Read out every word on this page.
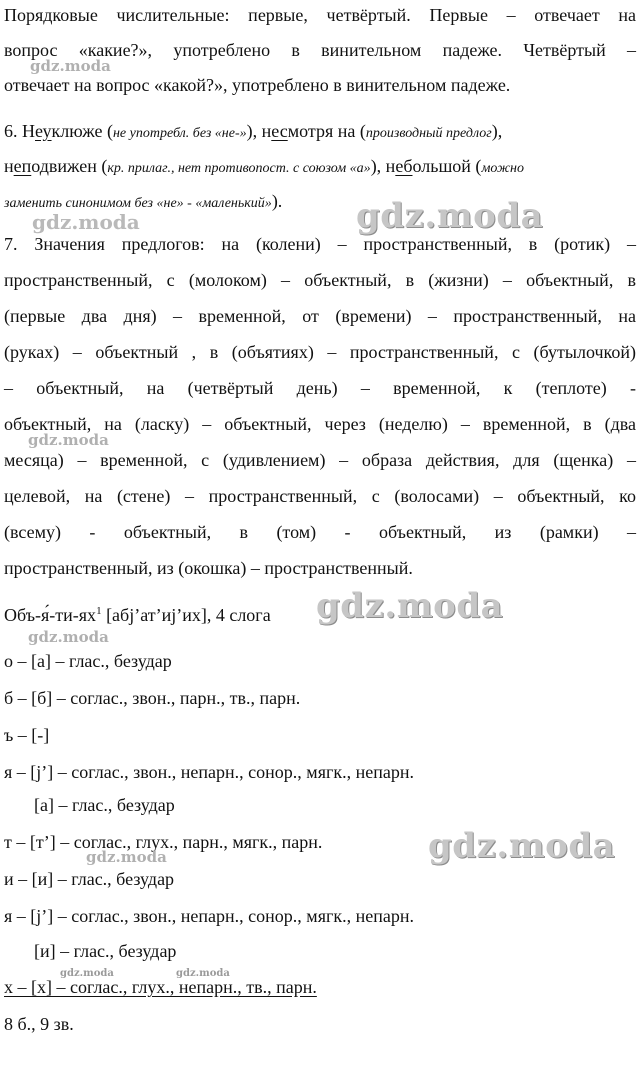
Порядковые числительные: первые, четвёртый. Первые – отвечает на
вопрос «какие?», употреблено в винительном падеже. Четвёртый –
отвечает на вопрос «какой?», употреблено в винительном падеже.
6. Неуклюже (не употребл. без «не-»), несмотря на (производный предлог),
неподвижен (кр. прилаг., нет противопост. с союзом «а»), небольшой (можно
заменить синонимом без «не» - «маленький»).
7. Значения предлогов: на (колени) – пространственный, в (ротик) –
пространственный, с (молоком) – объектный, в (жизни) – объектный, в
(первые два дня) – временной, от (времени) – пространственный, на
(руках) – объектный , в (объятиях) – пространственный, с (бутылочкой)
– объектный, на (четвёртый день) – временной, к (теплоте) -
объектный, на (ласку) – объектный, через (неделю) – временной, в (два
месяца) – временной, с (удивлением) – образа действия, для (щенка) –
целевой, на (стене) – пространственный, с (волосами) – объектный, ко
(всему) - объектный, в (том) - объектный, из (рамки) –
пространственный, из (окошка) – пространственный.
Объ-$я́-ти-ях^1$ [абj’ат’иj’их], 4 слога
о – [а] – глас., безудар
б – [б] – соглас., звон., парн., тв., парн.
ъ – [-]
я – [j’] – соглас., звон., непарн., сонор., мягк., непарн.
[а] – глас., безудар
т – [т’] – соглас., глух., парн., мягк., парн.
и – [и] – глас., безудар
я – [j’] – соглас., звон., непарн., сонор., мягк., непарн.
[и] – глас., безудар
х – [х] – соглас., глух., непарн., тв., парн.
8 б., 9 зв.
gdz.moda
gdz.moda	gdz.moda
gdz.moda
gdz.moda
gdz.moda
gdz.moda
gdz.moda
gdz.moda	gdz.moda
